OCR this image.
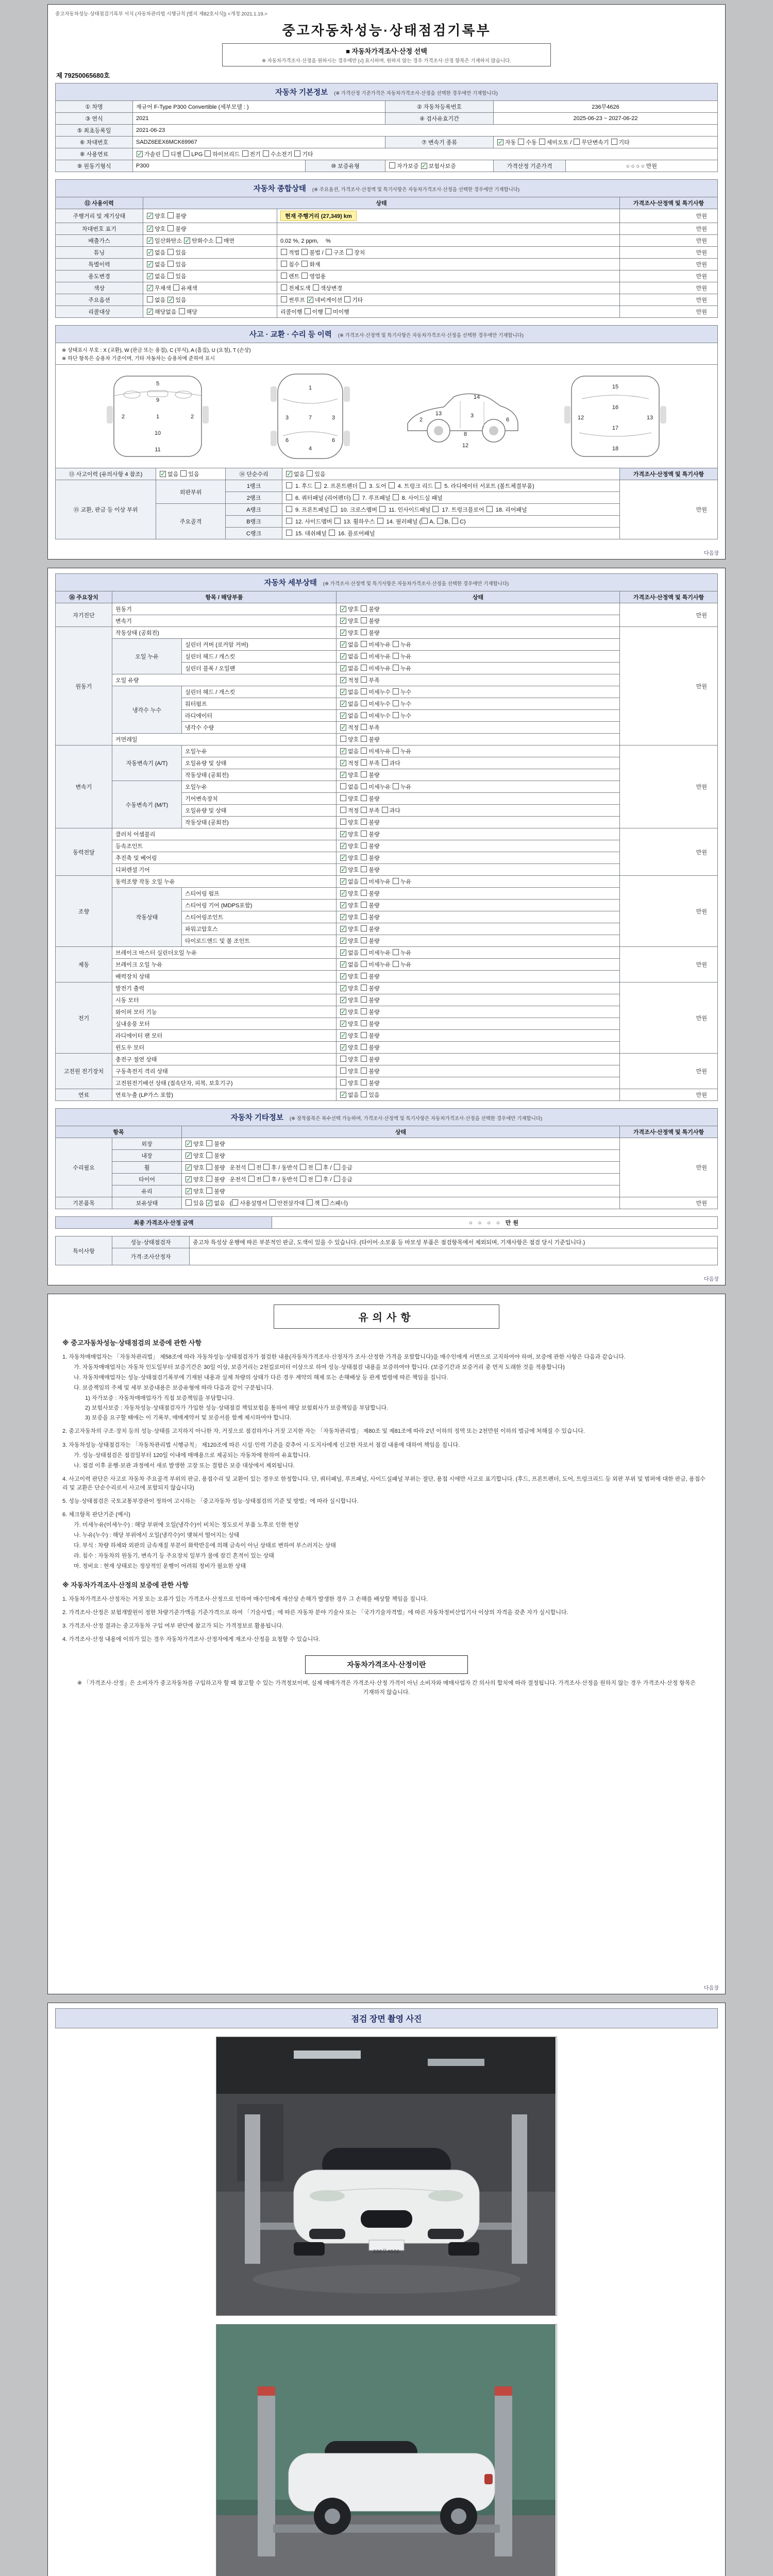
중고자동차성능·상태점검기록부 서식 (자동차관리법 시행규칙 [별지 제82호서식]) <개정 2021.1.19.>
중고자동차성능·상태점검기록부
■ 자동차가격조사·산정 선택
※ 자동차가격조사·산정을 원하시는 경우에만 [√] 표시하며, 원하지 않는 경우 가격조사·산정 항목은 기재하지 않습니다.
제 79250065680호
자동차 기본정보 (※ 가격산정 기준가격은 자동차가격조사·산정을 선택한 경우에만 기재합니다)
① 차명	재규어 F-Type P300 Convertible (세부모델 : )		② 자동차등록번호	236무4626	
③ 연식	2021		④ 검사유효기간	2025-06-23 ~ 2027-06-22	
⑤ 최초등록일	2021-06-23				
⑥ 차대번호	SADZ6EEX6MCK69967		⑦ 변속기 종류	✓ 자동 수동 세미오토 / 무단변속기 기타	
⑧ 사용연료	✓ 가솔린 디젤 LPG 하이브리드 전기 수소전기 기타				
⑨ 원동기형식	P300	⑩ 보증유형	자가보증 ✓ 보험사보증	가격산정 기준가격	○ ○ ○ ○ 만원
자동차 종합상태 (※ 주요옵션, 가격조사·산정액 및 특기사항은 자동차가격조사·산정을 선택한 경우에만 기재합니다)
⑪ 사용이력	상태		가격조사·산정액 및 특기사항
주행거리 및 계기상태	✓ 양호 불량	현재 주행거리 (27,349) km	만원
차대번호 표기	✓ 양호 불량		만원
배출가스	✓ 일산화탄소 ✓ 탄화수소 매연	0.02 %, 2 ppm,　 %	만원
튜닝	✓ 없음 있음	적법 불법 / 구조 장치	만원
특별이력	✓ 없음 있음	침수 화재	만원
용도변경	✓ 없음 있음	렌트 영업용	만원
색상	✓ 무채색 유채색	전체도색 색상변경	만원
주요옵션	없음 ✓ 있음	썬루프 ✓ 네비게이션 기타	만원
리콜대상	✓ 해당없음 해당	리콜이행 이행 미이행	만원
사고 · 교환 · 수리 등 이력 (※ 가격조사·산정액 및 특기사항은 자동차가격조사·산정을 선택한 경우에만 기재합니다)
※ 상태표시 부호 : X (교환), W (판금 또는 용접), C (부식), A (흠집), U (요철), T (손상)
※ 하단 항목은 승용차 기준이며, 기타 자동차는 승용차에 준하여 표시
5
9
1
10
11
2	2
1
7
4
3	3
6	6
2
13	3
14
6
8
12
15
16
17
18
12	13
⑬ 사고이력 (유의사항 4 참조)	✓ 없음 있음	⑭ 단순수리	✓ 없음 있음	가격조사·산정액 및 특기사항
⑮ 교환, 판금 등 이상 부위	외판부위	1랭크	1. 후드  2. 프론트펜더  3. 도어  4. 트렁크 리드  5. 라디에이터 서포트 (볼트체결부품)	만원
		2랭크	6. 쿼터패널 (리어펜더)  7. 루프패널  8. 사이드실 패널	
	주요골격	A랭크	9. 프론트패널  10. 크로스멤버  11. 인사이드패널  17. 트렁크플로어  18. 리어패널	
		B랭크	12. 사이드멤버  13. 휠하우스  14. 필러패널 ( A, B, C)	
		C랭크	15. 대쉬패널  16. 플로어패널	
다음장
자동차 세부상태 (※ 가격조사·산정액 및 특기사항은 자동차가격조사·산정을 선택한 경우에만 기재합니다)
⑯ 주요장치	항목 / 해당부품		상태	가격조사·산정액 및 특기사항
자기진단	원동기		✓ 양호 불량	만원
	변속기		✓ 양호 불량	
원동기	작동상태 (공회전)		✓ 양호 불량	만원
	오일 누유	실린더 커버 (로커암 커버)	✓ 없음 미세누유 누유	
		실린더 헤드 / 개스킷	✓ 없음 미세누유 누유	
		실린더 블록 / 오일팬	✓ 없음 미세누유 누유	
	오일 유량		✓ 적정 부족	
	냉각수 누수	실린더 헤드 / 개스킷	✓ 없음 미세누수 누수	
		워터펌프	✓ 없음 미세누수 누수	
		라디에이터	✓ 없음 미세누수 누수	
		냉각수 수량	✓ 적정 부족	
	커먼레일		양호 불량	
변속기	자동변속기 (A/T)	오일누유	✓ 없음 미세누유 누유	만원
		오일유량 및 상태	✓ 적정 부족 과다	
		작동상태 (공회전)	✓ 양호 불량	
	수동변속기 (M/T)	오일누유	없음 미세누유 누유	
		기어변속장치	양호 불량	
		오일유량 및 상태	적정 부족 과다	
		작동상태 (공회전)	양호 불량	
동력전달	클러치 어셈블리		✓ 양호 불량	만원
	등속조인트		✓ 양호 불량	
	추진축 및 베어링		✓ 양호 불량	
	디퍼렌셜 기어		✓ 양호 불량	
조향	동력조향 작동 오일 누유		✓ 없음 미세누유 누유	만원
	작동상태	스티어링 펌프	✓ 양호 불량	
		스티어링 기어 (MDPS포함)	✓ 양호 불량	
		스티어링조인트	✓ 양호 불량	
		파워고압호스	✓ 양호 불량	
		타이로드엔드 및 볼 조인트	✓ 양호 불량	
제동	브레이크 마스터 실린더오일 누유		✓ 없음 미세누유 누유	만원
	브레이크 오일 누유		✓ 없음 미세누유 누유	
	배력장치 상태		✓ 양호 불량	
전기	발전기 출력		✓ 양호 불량	만원
	시동 모터		✓ 양호 불량	
	와이퍼 모터 기능		✓ 양호 불량	
	실내송풍 모터		✓ 양호 불량	
	라디에이터 팬 모터		✓ 양호 불량	
	윈도우 모터		✓ 양호 불량	
고전원 전기장치	충전구 절연 상태		양호 불량	만원
	구동축전지 격리 상태		양호 불량	
	고전원전기배선 상태 (접속단자, 피복, 보호기구)		양호 불량	
연료	연료누출 (LP가스 포함)		✓ 없음 있음	만원
자동차 기타정보 (※ 장착품목은 복수선택 가능하며, 가격조사·산정액 및 특기사항은 자동차가격조사·산정을 선택한 경우에만 기재합니다)
항목		상태	가격조사·산정액 및 특기사항
수리필요	외장	✓ 양호 불량	만원
	내장	✓ 양호 불량	
	휠	✓ 양호 불량 운전석 전 후 / 동반석 전 후 / 응급	
	타이어	✓ 양호 불량 운전석 전 후 / 동반석 전 후 / 응급	
	유리	✓ 양호 불량	
기본품목	보유상태	있음 ✓ 없음 ( 사용설명서 안전삼각대 잭 스패너)	만원
최종 가격조사·산정 금액	○ ○ ○ ○ 만원
특이사항	성능·상태점검자	중고차 특성상 운행에 따른 부분적인 판금, 도색이 있을 수 있습니다. (타이어·소모품 등 마모성 부품은 점검항목에서 제외되며, 기재사항은 점검 당시 기준입니다.)
	가격·조사산정자	
다음장
유의사항
※ 중고자동차성능·상태점검의 보증에 관한 사항
1. 자동차매매업자는 「자동차관리법」 제58조에 따라 자동차성능·상태점검자가 점검한 내용(자동차가격조사·산정자가 조사·산정한 가격을 포함합니다)을 매수인에게 서면으로 고지하여야 하며, 보증에 관한 사항은 다음과 같습니다.
가. 자동차매매업자는 자동차 인도일부터 보증기간은 30일 이상, 보증거리는 2천킬로미터 이상으로 하여 성능·상태점검 내용을 보증하여야 합니다. (보증기간과 보증거리 중 먼저 도래한 것을 적용합니다)
나. 자동차매매업자는 성능·상태점검기록부에 기재된 내용과 실제 차량의 상태가 다른 경우 계약의 해제 또는 손해배상 등 관계 법령에 따른 책임을 집니다.
다. 보증책임의 주체 및 세부 보증내용은 보증유형에 따라 다음과 같이 구분됩니다.
1) 자가보증 : 자동차매매업자가 직접 보증책임을 부담합니다.
2) 보험사보증 : 자동차성능·상태점검자가 가입한 성능·상태점검 책임보험을 통하여 해당 보험회사가 보증책임을 부담합니다.
3) 보증을 요구할 때에는 이 기록부, 매매계약서 및 보증서를 함께 제시하여야 합니다.
2. 중고자동차의 구조·장치 등의 성능·상태를 고지하지 아니한 자, 거짓으로 점검하거나 거짓 고지한 자는 「자동차관리법」 제80조 및 제81조에 따라 2년 이하의 징역 또는 2천만원 이하의 벌금에 처해질 수 있습니다.
3. 자동차성능·상태점검자는 「자동차관리법 시행규칙」 제120조에 따른 시설·인력 기준을 갖추어 시·도지사에게 신고한 자로서 점검 내용에 대하여 책임을 집니다.
가. 성능·상태점검은 점검일부터 120일 이내에 매매용으로 제공되는 자동차에 한하여 유효합니다.
나. 점검 이후 운행·보관 과정에서 새로 발생한 고장 또는 결함은 보증 대상에서 제외됩니다.
4. 사고이력 판단은 사고로 자동차 주요골격 부위의 판금, 용접수리 및 교환이 있는 경우로 한정합니다. 단, 쿼터패널, 루프패널, 사이드실패널 부위는 절단, 용접 시에만 사고로 표기합니다. (후드, 프론트펜더, 도어, 트렁크리드 등 외판 부위 및 범퍼에 대한 판금, 용접수리 및 교환은 단순수리로서 사고에 포함되지 않습니다)
5. 성능·상태점검은 국토교통부장관이 정하여 고시하는 「중고자동차 성능·상태점검의 기준 및 방법」에 따라 실시합니다.
6. 체크항목 판단기준 (예시)
가. 미세누유(미세누수) : 해당 부위에 오일(냉각수)이 비치는 정도로서 부품 노후로 인한 현상
나. 누유(누수) : 해당 부위에서 오일(냉각수)이 맺혀서 떨어지는 상태
다. 부식 : 차량 하체와 외판의 금속재질 부분이 화학반응에 의해 금속이 아닌 상태로 변하여 부스러지는 상태
라. 침수 : 자동차의 원동기, 변속기 등 주요장치 일부가 물에 잠긴 흔적이 있는 상태
마. 정비요 : 현재 상태로는 정상적인 운행이 어려워 정비가 필요한 상태
※ 자동차가격조사·산정의 보증에 관한 사항
1. 자동차가격조사·산정자는 거짓 또는 오류가 있는 가격조사·산정으로 인하여 매수인에게 재산상 손해가 발생한 경우 그 손해를 배상할 책임을 집니다.
2. 가격조사·산정은 보험개발원이 정한 차량기준가액을 기준가격으로 하여 「기술사법」에 따른 자동차 분야 기술사 또는 「국가기술자격법」에 따른 자동차정비산업기사 이상의 자격을 갖춘 자가 실시합니다.
3. 가격조사·산정 결과는 중고자동차 구입 여부 판단에 참고가 되는 가격정보로 활용됩니다.
4. 가격조사·산정 내용에 이의가 있는 경우 자동차가격조사·산정자에게 재조사·산정을 요청할 수 있습니다.
자동차가격조사·산정이란
※ 「가격조사·산정」은 소비자가 중고자동차를 구입하고자 할 때 참고할 수 있는 가격정보이며, 실제 매매가격은 가격조사·산정 가격이 아닌 소비자와 매매사업자 간 의사의 합치에 따라 결정됩니다. 가격조사·산정을 원하지 않는 경우 가격조사·산정 항목은 기재하지 않습니다.
다음장
점검 장면 촬영 사진
236무4626
